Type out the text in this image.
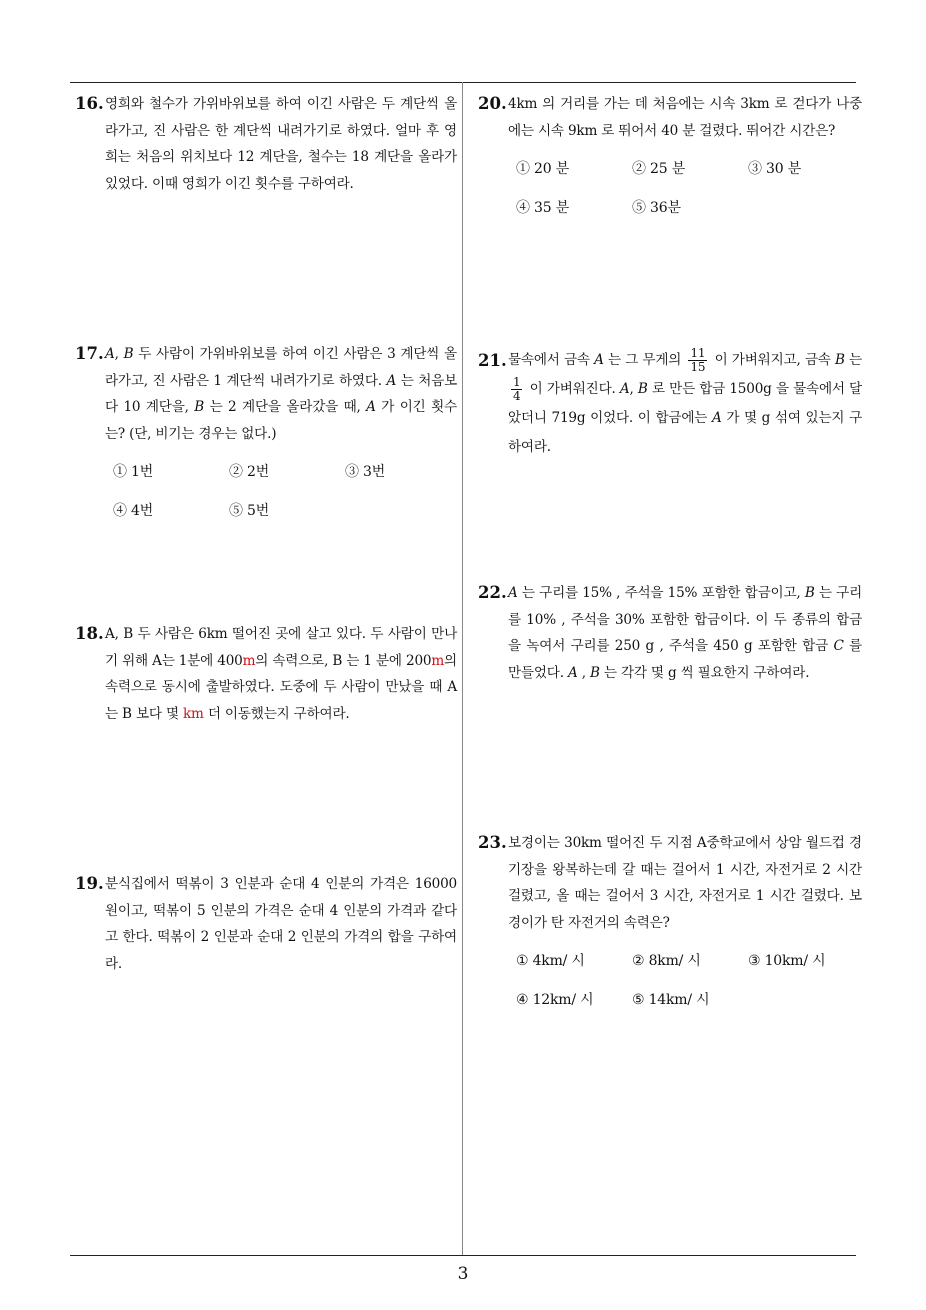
16. 영희와 철수가 가위바위보를 하여 이긴 사람은 두 계단씩 올라가고, 진 사람은 한 계단씩 내려가기로 하였다. 얼마 후 영희는 처음의 위치보다 12 계단을, 철수는 18 계단을 올라가 있었다. 이때 영희가 이긴 횟수를 구하여라.
17. A, B 두 사람이 가위바위보를 하여 이긴 사람은 3 계단씩 올라가고, 진 사람은 1 계단씩 내려가기로 하였다. A 는 처음보다 10 계단을, B 는 2 계단을 올라갔을 때, A 가 이긴 횟수는? (단, 비기는 경우는 없다.)
① 1번	② 2번	③ 3번
④ 4번	⑤ 5번
18. A, B 두 사람은 6km 떨어진 곳에 살고 있다. 두 사람이 만나기 위해 A는 1분에 400m의 속력으로, B 는 1 분에 200m의 속력으로 동시에 출발하였다. 도중에 두 사람이 만났을 때 A는 B 보다 몇 km 더 이동했는지 구하여라.
19. 분식집에서 떡볶이 3 인분과 순대 4 인분의 가격은 16000 원이고, 떡볶이 5 인분의 가격은 순대 4 인분의 가격과 같다고 한다. 떡볶이 2 인분과 순대 2 인분의 가격의 합을 구하여라.
20. 4km 의 거리를 가는 데 처음에는 시속 3km 로 걷다가 나중에는 시속 9km 로 뛰어서 40 분 걸렸다. 뛰어간 시간은?
① 20 분	② 25 분	③ 30 분
④ 35 분	⑤ 36분
21. 물속에서 금속 A 는 그 무게의 $\frac{11}{15}$ 이 가벼워지고, 금속 B 는
$\frac{1}{4}$ 이 가벼워진다. A, B 로 만든 합금 1500g 을 물속에서 달았더니 719g 이었다. 이 합금에는 A 가 몇 g 섞여 있는지 구하여라.
22. A 는 구리를 15% , 주석을 15% 포함한 합금이고, B 는 구리를 10% , 주석을 30% 포함한 합금이다. 이 두 종류의 합금을 녹여서 구리를 250 g , 주석을 450 g 포함한 합금 C 를 만들었다. A , B 는 각각 몇 g 씩 필요한지 구하여라.
23. 보경이는 30km 떨어진 두 지점 A중학교에서 상암 월드컵 경기장을 왕복하는데 갈 때는 걸어서 1 시간, 자전거로 2 시간 걸렸고, 올 때는 걸어서 3 시간, 자전거로 1 시간 걸렸다. 보경이가 탄 자전거의 속력은?
① 4km/ 시	② 8km/ 시	③ 10km/ 시
④ 12km/ 시	⑤ 14km/ 시
3
